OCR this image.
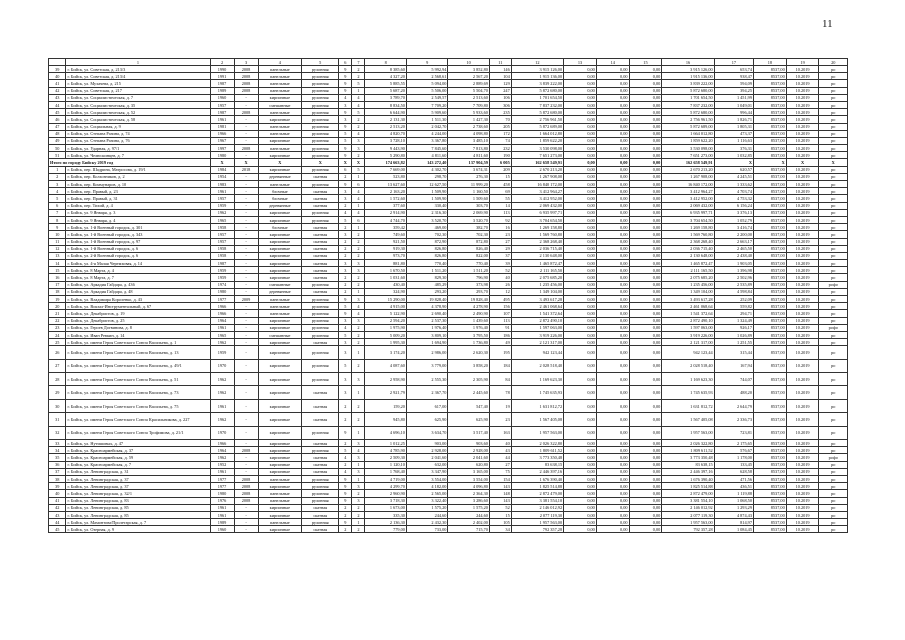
11
	1	2	3	4	5	6	7	8	9	10	11	12	13	14	15	16	17	18	19	20
39	г. Бийск, ул. Советская, д. 213/3	1990	2008	панельные	рулонная	9	2	8 385,60	5 992,94	3 852,80	146	3 915 126,00	0,00	0,00	0,00	3 915 126,00	653,74	8537,00	10.2019	ро
40	г. Бийск, ул. Советская, д. 213/4	1991	2008	панельные	рулонная	9	2	4 327,20	2 568,61	2 567,20	104	1 915 136,00	0,00	0,00	0,00	1 915 136,00	938,47	8537,00	10.2019	ро
41	г. Бийск, ул. Мухачева, д. 215	1987	2008	панельные	рулонная	9	5	5 885,55	5 094,00	2 889,69	129	3 839 222,00	0,00	0,00	0,00	3 839 222,00	594,09	8537,00	10.2019	ро
42	г. Бийск, ул. Советская, д. 217	1989	2008	панельные	рулонная	9	1	5 687,20	5 506,00	5 504,70	247	5 872 680,00	0,00	0,00	0,00	5 872 680,00	394,25	8537,00	10.2019	ро
43	г. Бийск, ул. Социалистическая, д. 7	1960	-	кирпичные	рулонная	4	4	3 789,70	2 549,57	2 513,60	106	1 701 654,50	0,00	0,00	0,00	1 701 654,50	1 451,99	8537,00	10.2019	ро
44	г. Бийск, ул. Социалистическая, д. 35	1957	-	смешанные	рулонная	3	4	8 834,50	7 709,20	7 709,80	306	7 837 232,00	0,00	0,00	0,00	7 837 232,00	1 049,01	8537,00	10.2019	ро
45	г. Бийск, ул. Социалистическая, д. 52	1987	2008	панельные	рулонная	9	5	6 644,90	5 909,60	5 933,60	235	5 872 680,00	0,00	0,00	0,00	5 872 680,00	996,44	8537,00	10.2019	ро
46	г. Бийск, ул. Социалистическая, д. 58	1961	-	кирпичные	рулонная	3	2	2 131,30	1 511,30	1 427,30	70	2 756 961,50	0,00	0,00	0,00	2 756 961,50	1 826,71	8537,00	10.2019	ро
47	г. Бийск, ул. Социальная, д. 9	1981	-	панельные	рулонная	9	2	2 513,20	2 042,70	2 738,60	205	5 872 689,00	0,00	0,00	0,00	5 872 689,00	1 805,31	8537,00	10.2019	ро
48	г. Бийск, ул. Степана Разина, д. 74	1966	-	панельные	рулонная	5	4	4 820,70	4 244,00	4 098,80	172	1 664 012,80	0,00	0,00	0,00	1 664 012,80	473,37	8537,00	10.2019	ро
49	г. Бийск, ул. Степана Разина, д. 76	1967	-	кирпичные	рулонная	5	3	3 728,10	3 367,80	3 485,10	74	1 859 622,20	0,00	0,00	0,00	1 859 622,20	1 116,63	8537,00	10.2019	ро
50	г. Бийск, ул. Ударная, д. 97/1	1997	2008	панельные	рулонная	9	3	9 443,90	7 845,60	7 813,80	232	3 530 098,00	0,00	0,00	0,00	3 530 098,00	376,31	8537,00	10.2019	ро
51	г. Бийск, ул. Челюскинцев, д. 7	1980	-	кирпичные	рулонная	9	2	5 290,80	4 811,60	4 811,60	190	7 651 273,00	0,00	0,00	0,00	7 651 273,00	1 032,85	8537,00	10.2019	ро
Итого по городу Бийску 2019 год		X	X	X	X	X	X	174 663,82	143 272,40	137 904,59	6 005	162 658 549,91	0,00	0,00	0,00	162 658 549,91	X	X	X	X
1	г. Бийск, пер. Шадрина, Матросова, д. 19/1	1984	2018	кирпичные	рулонная	6	5	7 669,00	4 302,70	3 674,31	209	2 670 213,20	0,00	0,00	0,00	2 670 213,20	620,57	8537,00	10.2019	ро
2	г. Бийск, пер. Колхозников, д. 2	1954	-	деревянные	скатная	2	1	523,80	298,70	276,30	15	1 267 908,00	0,00	0,00	0,00	1 267 908,00	4 245,51	8537,00	10.2019	ро
3	г. Бийск, пер. Коммунаров, д. 10	1983	-	панельные	рулонная	9	6	13 627,60	12 627,50	11 999,20	458	16 840 172,00	0,00	0,00	0,00	16 840 172,00	1 333,62	8537,00	10.2019	ро
4	г. Бийск, пер. Правый, д. 23	1961	-	блочные	скатная	3	4	2 163,20	1 509,90	1 160,50	69	3 412 964,27	0,00	0,00	0,00	3 412 964,27	4 703,74	8537,00	10.2019	ро
5	г. Бийск, пер. Правый, д. 31	1957	-	блочные	скатная	3	4	1 572,60	1 509,90	1 509,60	55	3 412 952,00	0,00	0,00	0,00	3 412 952,00	4 753,32	8537,00	10.2019	ро
6	г. Бийск, пер. Тихий, д. 4	1959	-	деревянные	скатная	2	1	377,60	330,40	303,70	14	2 069 432,00	0,00	0,00	0,00	2 069 432,00	6 156,24	8537,00	10.2019	ро
7	г. Бийск, ул. 9 Января, д. 3	1962	-	кирпичные	рулонная	4	4	2 914,90	2 316,30	2 069,90	113	6 935 997,71	0,00	0,00	0,00	6 935 997,71	3 376,13	8537,00	10.2019	ро
8	г. Бийск, ул. 9 Января, д. 4	1965	-	кирпичные	рулонная	5	6	4 744,70	3 520,70	3 520,70	92	3 704 654,50	0,00	0,00	0,00	3 704 654,50	1 052,79	8537,00	10.2019	ро
9	г. Бийск, ул. 1-й Военный городок, д. 301	1958	-	блочные	скатная	2	1	359,42	469,00	382,70	16	1 269 158,80	0,00	0,00	0,00	1 269 158,80	3 416,74	8537,00	10.2019	ро
10	г. Бийск, ул. 1-й Военный городок, д. 343	1957	-	кирпичные	скатная	3	2	749,60	702,30	702,30	23	1 569 760,80	0,00	0,00	0,00	1 569 760,80	2 200,00	8537,00	10.2019	ро
11	г. Бийск, ул. 1-й Военный городок, д. 97	1957	-	кирпичные	скатная	2	2	921,50	872,90	872,80	27	2 368 268,40	0,00	0,00	0,00	2 368 268,40	2 663,17	8537,00	10.2019	ро
12	г. Бийск, ул. 1-й Военный городок, д. 6	1958	-	кирпичные	скатная	2	2	919,30	826,80	826,40	29	2 036 715,40	0,00	0,00	0,00	2 036 715,40	2 465,50	8537,00	10.2019	ро
13	г. Бийск, ул. 2-й Военный городок, д. 6	1958	-	кирпичные	скатная	2	2	973,70	826,80	822,00	37	2 130 648,00	0,00	0,00	0,00	2 130 648,00	2 438,40	8537,00	10.2019	ро
14	г. Бийск, ул. 4-я Малая Черемховая, д. 14	1987	-	кирпичные	скатная	3	3	881,80	770,40	770,40	39	1 465 872,47	0,00	0,00	0,00	1 465 872,47	1 903,05	8537,00	10.2019	ро
15	г. Бийск, ул. 8 Марта, д. 4	1959	-	кирпичные	скатная	3	3	1 670,50	1 511,20	1 511,20	52	2 111 165,50	0,00	0,00	0,00	2 111 165,50	1 396,98	8537,00	10.2019	ро
16	г. Бийск, ул. 8 Марта, д. 7	1959	-	кирпичные	скатная	2	2	1 031,60	829,30	796,90	40	2 075 685,20	0,00	0,00	0,00	2 075 685,20	2 502,96	8537,00	10.2019	ро
17	г. Бийск, ул. Аркадия Гайдара, д. 436	1974	-	смешанные	рулонная	2	2	430,40	485,29	373,98	26	1 235 456,00	0,00	0,00	0,00	1 235 456,00	2 535,89	8537,00	10.2019	рофо
18	г. Бийск, ул. Аркадия Гайдара, д. 48	1980	-	деревянные	скатная	2	1	324,90	293,20	293,70	12	1 349 104,00	0,00	0,00	0,00	1 349 104,00	4 598,84	8537,00	10.2019	ро
19	г. Бийск, ул. Владимира Короленко, д. 43	1977	2009	панельные	рулонная	9	3	15 290,00	19 828,40	19 828,40	495	3 493 617,28	0,00	0,00	0,00	3 493 617,28	252,09	8537,00	10.2019	ро
20	г. Бийск, ул. Вокзал-Инструментальный, д. 67	1966	-	панельные	рулонная	5	4	4 915,00	4 378,90	4 278,90	156	2 461 068,64	0,00	0,00	0,00	2 461 068,64	559,82	8537,00	10.2019	ро
21	г. Бийск, ул. Декабристов, д. 19	1966	-	панельные	рулонная	9	4	5 122,90	2 690,40	2 490,90	107	1 541 372,64	0,00	0,00	0,00	1 541 372,64	294,71	8537,00	10.2019	ро
22	г. Бийск, ул. Декабристов, д. 25	1964	-	кирпичные	рулонная	3	3	2 594,20	2 537,30	1 439,60	113	2 872 490,10	0,00	0,00	0,00	2 872 490,10	1 324,49	8537,00	10.2019	ро
23	г. Бийск, ул. Героев Догвинова, д. 8	1961	-	кирпичные	рулонная	4	2	1 975,90	1 976,40	1 976,40	91	1 597 063,00	0,00	0,00	0,00	1 597 063,00	926,17	8537,00	10.2019	рофо
24	г. Бийск, ул. Иван Ревкин, д. 14	1965	-	смешанные	рулонная	5	2	5 009,20	3 809,10	3 795,50	186	3 919 226,00	0,00	0,00	0,00	3 919 226,00	1 026,89	8537,00	10.2019	ро
25	г. Бийск, ул. имени Героя Советского Союза Васильева, д. 1	1962	-	кирпичные	скатная	3	2	1 995,30	1 694,90	1 736,80	49	2 121 317,00	0,00	0,00	0,00	2 121 317,00	1 251,55	8537,00	10.2019	ро
26	г. Бийск, ул. имени Героя Советского Союза Васильева, д. 13	1959	-	кирпичные	рулонная	3	1	3 174,20	2 986,00	2 620,30	195	942 123,44	0,00	0,00	0,00	942 123,44	315,44	8537,00	10.2019	ро
27	г. Бийск, ул. имени Героя Советского Союза Васильева, д. 49/1	1970	-	кирпичные	рулонная	5	2	4 087,60	3 779,00	3 858,20	184	2 028 518,40	0,00	0,00	0,00	2 028 518,40	167,94	8537,00	10.2019	ро
28	г. Бийск, ул. имени Героя Советского Союза Васильева, д. 51	1962	-	кирпичные	рулонная	3	3	2 958,90	2 555,30	2 305,90	84	1 169 623,30	0,00	0,00	0,00	1 169 623,30	744,07	8537,00	10.2019	ро
29	г. Бийск, ул. имени Героя Советского Союза Васильева, д. 73	1962	-	кирпичные	скатная	3	1	2 921,79	2 367,70	2 445,60	78	1 745 635,93	0,00	0,00	0,00	1 745 635,93	488,20	8537,00	10.2019	ро
30	г. Бийск, ул. имени Героя Советского Союза Васильева, д. 75	1961	-	кирпичные	скатная	2	2	159,20	617,00	547,40	19	1 631 812,72	0,00	0,00	0,00	1 631 812,72	2 644,79	8537,00	10.2019	ро
31	г. Бийск, ул. имени Героя Советского Союза Красильникова, д. 227	1962	-	кирпичные	скатная	2	2	945,80	625,90	625,90	23	1 567 405,08	0,00	0,00	0,00	1 567 405,08	2 336,73	8537,00	10.2019	ро
32	г. Бийск, ул. имени Героя Советского Союза Трофимова, д. 21/1	1970	-	кирпичные	рулонная	9	1	4 696,10	3 634,70	3 517,40	163	1 957 563,00	0,00	0,00	0,00	1 957 563,00	723,81	8537,00	10.2019	ро
33	г. Бийск, ул. Нутишовых, д. 47	1966	-	кирпичные	скатная	2	3	1 012,25	903,00	903,60	40	2 026 322,80	0,00	0,00	0,00	2 026 322,80	2 175,65	8537,00	10.2019	ро
34	г. Бийск, ул. Красноармейская, д. 37	1964	2008	кирпичные	рулонная	5	4	4 785,90	2 928,00	2 928,00	43	1 809 611,52	0,00	0,00	0,00	1 809 611,52	576,67	8537,00	10.2019	ро
35	г. Бийск, ул. Красноармейская, д. 59	1962	-	кирпичные	скатная	4	3	2 509,30	2 041,60	2 041,60	44	3 773 350,48	0,00	0,00	0,00	3 773 350,48	1 178,00	8537,00	10.2019	рофо
36	г. Бийск, ул. Красноармейская, д. 7	1952	-	кирпичные	скатная	2	1	1 120,10	632,00	620,80	27	83 638,15	0,00	0,00	0,00	83 638,15	133,45	8537,00	10.2019	ро
37	г. Бийск, ул. Ленинградская, д. 31	1961	-	кирпичные	скатная	4	3	1 768,40	3 347,90	3 165,00	75	2 446 397,16	0,00	0,00	0,00	2 446 397,16	628,58	8537,00	10.2019	ро
38	г. Бийск, ул. Ленинградская, д. 37	1977	2008	панельные	рулонная	9	1	4 719,00	3 554,00	3 554,00	154	1 676 390,40	0,00	0,00	0,00	1 676 390,40	471,56	8537,00	10.2019	ро
39	г. Бийск, ул. Ленинградская, д. 37	1977	2008	кирпичные	рулонная	9	3	4 299,70	4 182,00	4 096,80	143	1 825 514,88	0,00	0,00	0,00	1 825 514,88	436,51	8537,00	10.2019	ро
40	г. Бийск, ул. Ленинградская, д. 32/1	1980	2008	панельные	рулонная	9	2	2 960,90	2 565,00	2 364,30	148	2 872 479,00	0,00	0,00	0,00	2 872 479,00	1 119,88	8537,00	10.2019	ро
41	г. Бийск, ул. Ленинградская, д. 83	1976	2008	панельные	рулонная	9	3	3 718,30	3 322,40	3 286,60	143	3 381 554,10	0,00	0,00	0,00	3 381 554,10	1 068,50	8537,00	10.2019	ро
42	г. Бийск, ул. Ленинградская, д. 85	1961	-	кирпичные	скатная	2	2	1 673,00	1 575,20	1 575,20	52	2 146 012,92	0,00	0,00	0,00	2 146 012,92	1 293,29	8537,00	10.2019	ро
43	г. Бийск, ул. Ленинградская, д. 85	1961	-	кирпичные	скатная	2	2	335,30	244,60	244,60	15	2 077 119,30	0,00	0,00	0,00	2 077 119,30	4 874,43	8537,00	10.2019	ро
44	г. Бийск, ул. Мамонтова/Пролетарская, д. 7	1989	-	панельные	рулонная	9	1	2 136,30	2 432,30	2 402,00	105	1 957 563,00	0,00	0,00	0,00	1 957 563,00	814,97	8537,00	10.2019	ро
45	г. Бийск, ул. Озерная, д. 9	1960	-	кирпичные	скатная	2	2	779,00	733,00	715,70	34	792 357,28	0,00	0,00	0,00	792 357,28	1 084,45	8537,00	10.2019	ро
